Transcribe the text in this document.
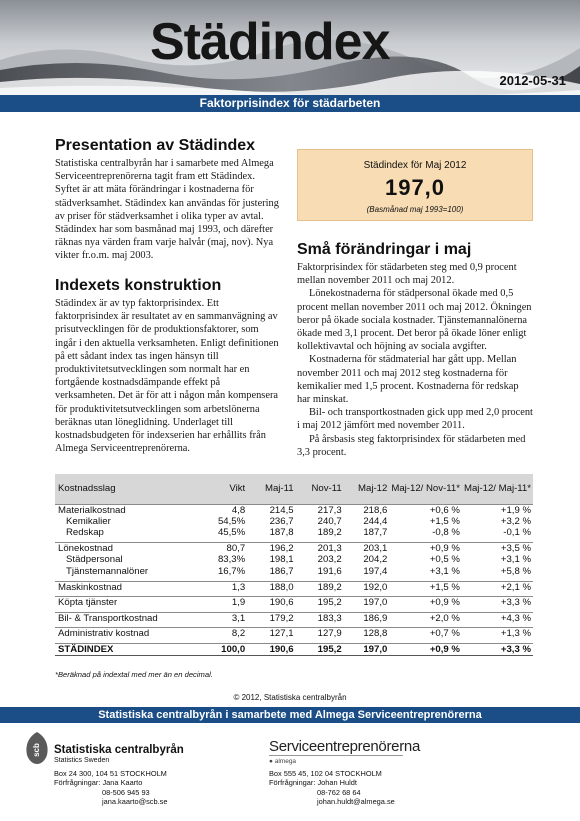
Städindex
2012-05-31
Faktorprisindex för städarbeten
Presentation av Städindex

Statistiska centralbyrån har i samarbete med Almega Serviceentreprenörerna tagit fram ett Städindex. Syftet är att mäta förändringar i kostnaderna för städverksamhet. Städindex kan användas för justering av priser för städverksamhet i olika typer av avtal. Städindex har som basmånad maj 1993, och därefter räknas nya värden fram varje halvår (maj, nov). Nya vikter fr.o.m. maj 2003.

Indexets konstruktion

Städindex är av typ faktorprisindex. Ett faktorprisindex är resultatet av en sammanvägning av prisutvecklingen för de produktionsfaktorer, som ingår i den aktuella verksamheten. Enligt definitionen på ett sådant index tas ingen hänsyn till produktivitetsutvecklingen som normalt har en fortgående kostnadsdämpande effekt på verksamheten. Det är för att i någon mån kompensera för produktivitetsutvecklingen som arbetslönerna beräknas utan löneglidning. Underlaget till kostnadsbudgeten för indexserien har erhållits från Almega Serviceentreprenörerna.

Städindex för Maj 2012
197,0
(Basmånad maj 1993=100)
Små förändringar i maj

Faktorprisindex för städarbeten steg med 0,9 procent mellan november 2011 och maj 2012.

Lönekostnaderna för städpersonal ökade med 0,5 procent mellan november 2011 och maj 2012. Ökningen beror på ökade sociala kostnader. Tjänstemannalönerna ökade med 3,1 procent. Det beror på ökade löner enligt kollektivavtal och höjning av sociala avgifter.

Kostnaderna för städmaterial har gått upp. Mellan november 2011 och maj 2012 steg kostnaderna för kemikalier med 1,5 procent. Kostnaderna för redskap har minskat.

Bil- och transportkostnaden gick upp med 2,0 procent i maj 2012 jämfört med november 2011.

På årsbasis steg faktorprisindex för städarbeten med 3,3 procent.

Kostnadsslag	Vikt	Maj-11	Nov-11	Maj-12	Maj-12/ Nov-11*	Maj-12/ Maj-11*
Materialkostnad	4,8	214,5	217,3	218,6	+0,6 %	+1,9 %
Kemikalier	54,5%	236,7	240,7	244,4	+1,5 %	+3,2 %
Redskap	45,5%	187,8	189,2	187,7	-0,8 %	-0,1 %

Lönekostnad	80,7	196,2	201,3	203,1	+0,9 %	+3,5 %
Städpersonal	83,3%	198,1	203,2	204,2	+0,5 %	+3,1 %
Tjänstemannalöner	16,7%	186,7	191,6	197,4	+3,1 %	+5,8 %

Maskinkostnad	1,3	188,0	189,2	192,0	+1,5 %	+2,1 %

Köpta tjänster	1,9	190,6	195,2	197,0	+0,9 %	+3,3 %

Bil- & Transportkostnad	3,1	179,2	183,3	186,9	+2,0 %	+4,3 %

Administrativ kostnad	8,2	127,1	127,9	128,8	+0,7 %	+1,3 %

STÄDINDEX	100,0	190,6	195,2	197,0	+0,9 %	+3,3 %
*Beräknad på indextal med mer än en decimal.
© 2012, Statistiska centralbyrån
Statistiska centralbyrån i samarbete med Almega Serviceentreprenörerna
scb Statistiska centralbyrån
Statistics Sweden
Box 24 300, 104 51 STOCKHOLM
Förfrågningar: Jana Kaarto
08-506 945 93
jana.kaarto@scb.se
Serviceentreprenörerna
● almega
Box 555 45, 102 04 STOCKHOLM
Förfrågningar: Johan Huldt
08-762 68 64
johan.huldt@almega.se
